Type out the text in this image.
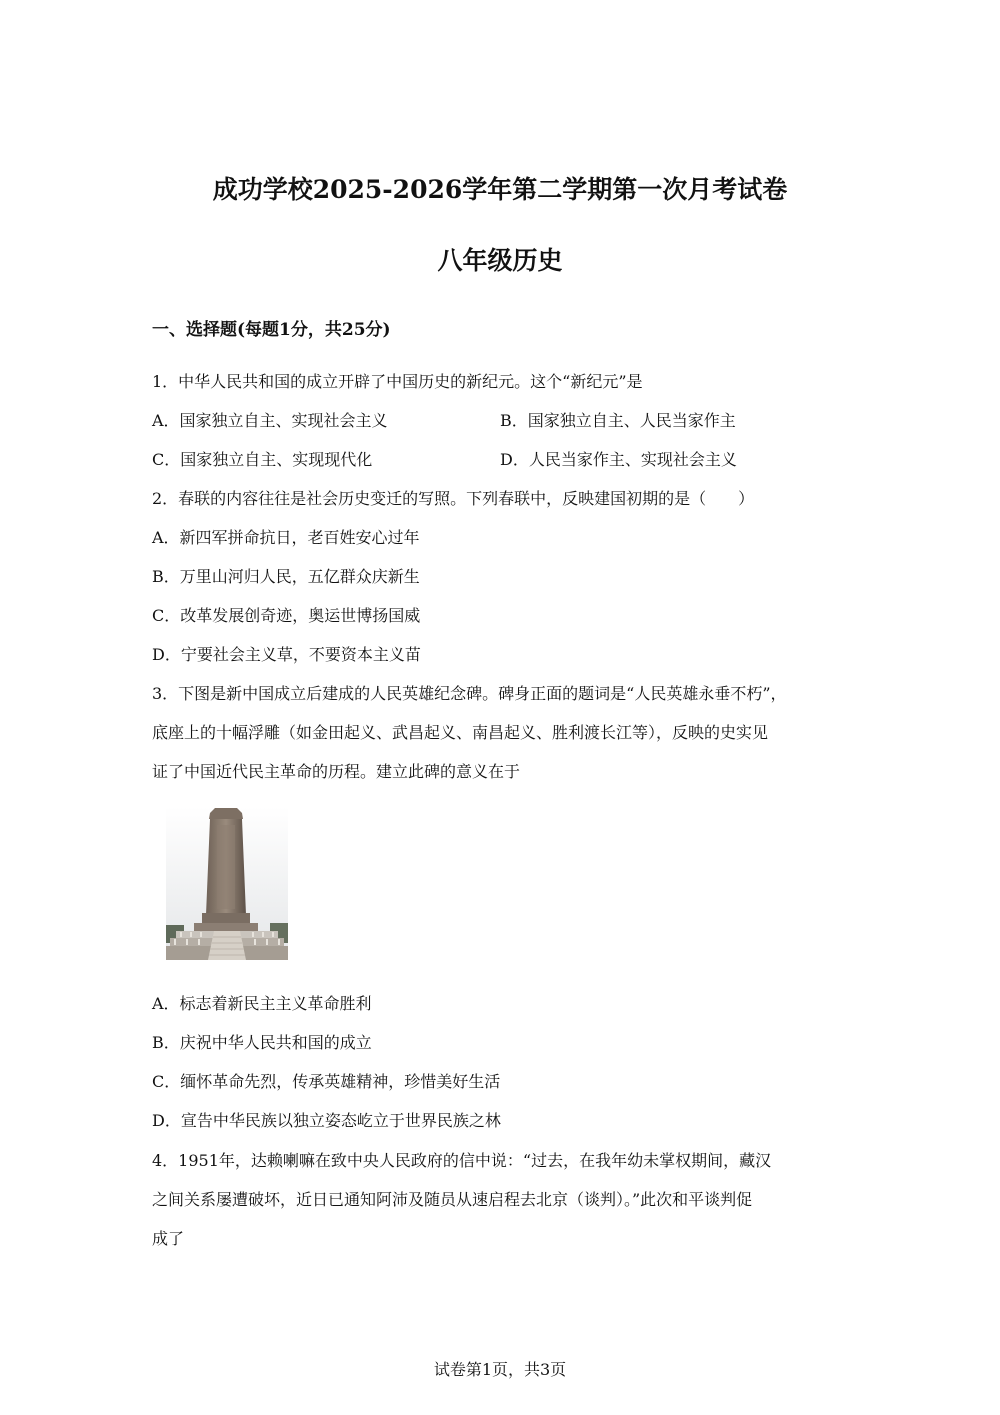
成功学校2025-2026学年第二学期第一次月考试卷
八年级历史

一、选择题(每题1分，共25分)

1．中华人民共和国的成立开辟了中国历史的新纪元。这个“新纪元”是

A．国家独立自主、实现社会主义	B．国家独立自主、人民当家作主

C．国家独立自主、实现现代化	D．人民当家作主、实现社会主义

2．春联的内容往往是社会历史变迁的写照。下列春联中，反映建国初期的是（　　）

A．新四军拼命抗日，老百姓安心过年

B．万里山河归人民，五亿群众庆新生

C．改革发展创奇迹，奥运世博扬国威

D．宁要社会主义草，不要资本主义苗

3．下图是新中国成立后建成的人民英雄纪念碑。碑身正面的题词是“人民英雄永垂不朽”，

底座上的十幅浮雕（如金田起义、武昌起义、南昌起义、胜利渡长江等），反映的史实见

证了中国近代民主革命的历程。建立此碑的意义在于

A．标志着新民主主义革命胜利

B．庆祝中华人民共和国的成立

C．缅怀革命先烈，传承英雄精神，珍惜美好生活

D．宣告中华民族以独立姿态屹立于世界民族之林

4．1951年，达赖喇嘛在致中央人民政府的信中说：“过去，在我年幼未掌权期间，藏汉

之间关系屡遭破坏，近日已通知阿沛及随员从速启程去北京（谈判）。”此次和平谈判促

成了

试卷第1页，共3页
